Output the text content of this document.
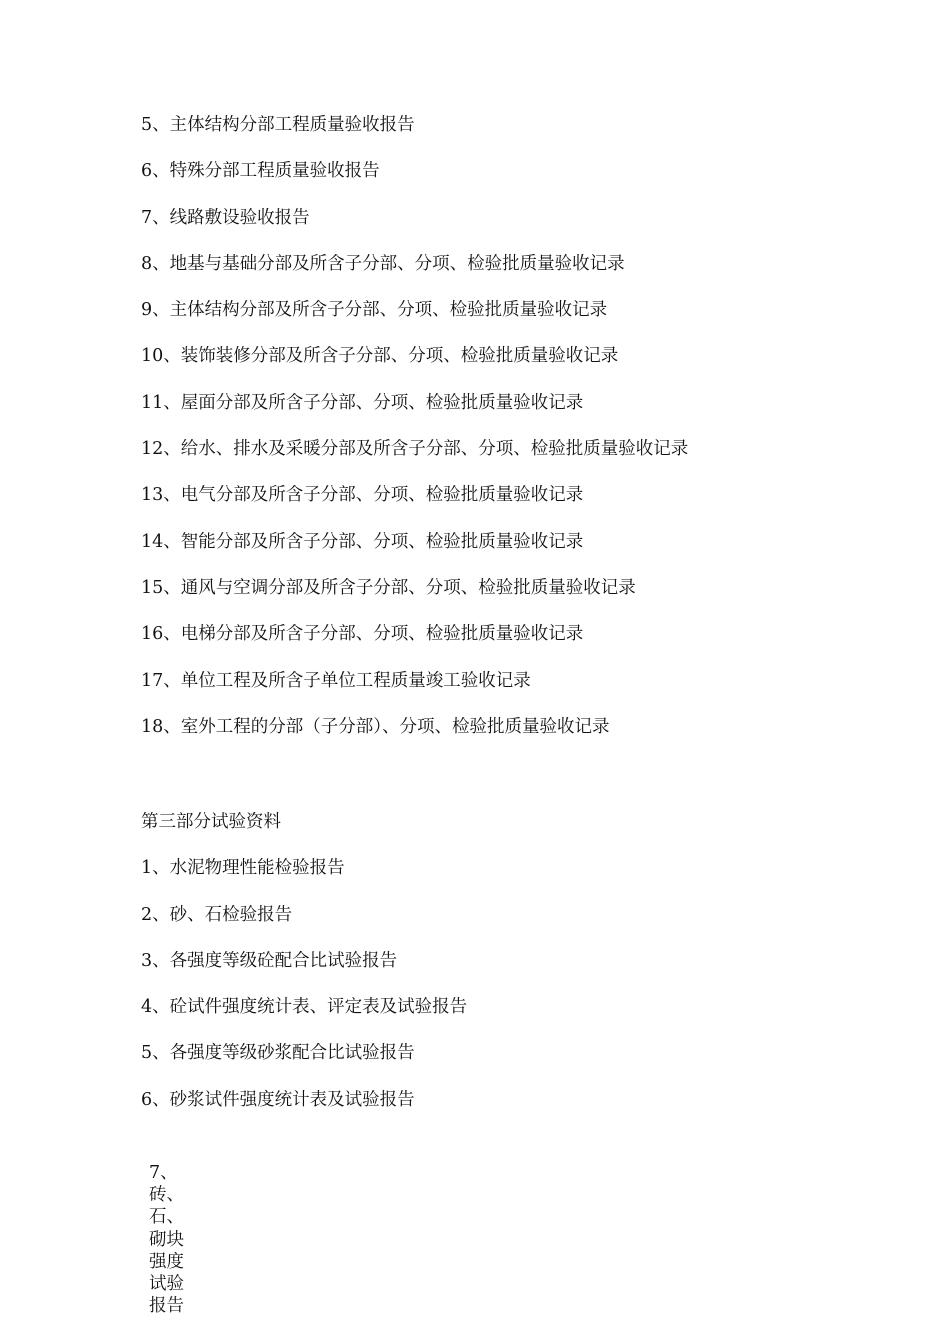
5、主体结构分部工程质量验收报告
6、特殊分部工程质量验收报告
7、线路敷设验收报告
8、地基与基础分部及所含子分部、分项、检验批质量验收记录
9、主体结构分部及所含子分部、分项、检验批质量验收记录
10、装饰装修分部及所含子分部、分项、检验批质量验收记录
11、屋面分部及所含子分部、分项、检验批质量验收记录
12、给水、排水及采暖分部及所含子分部、分项、检验批质量验收记录
13、电气分部及所含子分部、分项、检验批质量验收记录
14、智能分部及所含子分部、分项、检验批质量验收记录
15、通风与空调分部及所含子分部、分项、检验批质量验收记录
16、电梯分部及所含子分部、分项、检验批质量验收记录
17、单位工程及所含子单位工程质量竣工验收记录
18、室外工程的分部（子分部）、分项、检验批质量验收记录
第三部分试验资料
1、水泥物理性能检验报告
2、砂、石检验报告
3、各强度等级砼配合比试验报告
4、砼试件强度统计表、评定表及试验报告
5、各强度等级砂浆配合比试验报告
6、砂浆试件强度统计表及试验报告
7、
砖、
石、
砌块
强度
试验
报告
